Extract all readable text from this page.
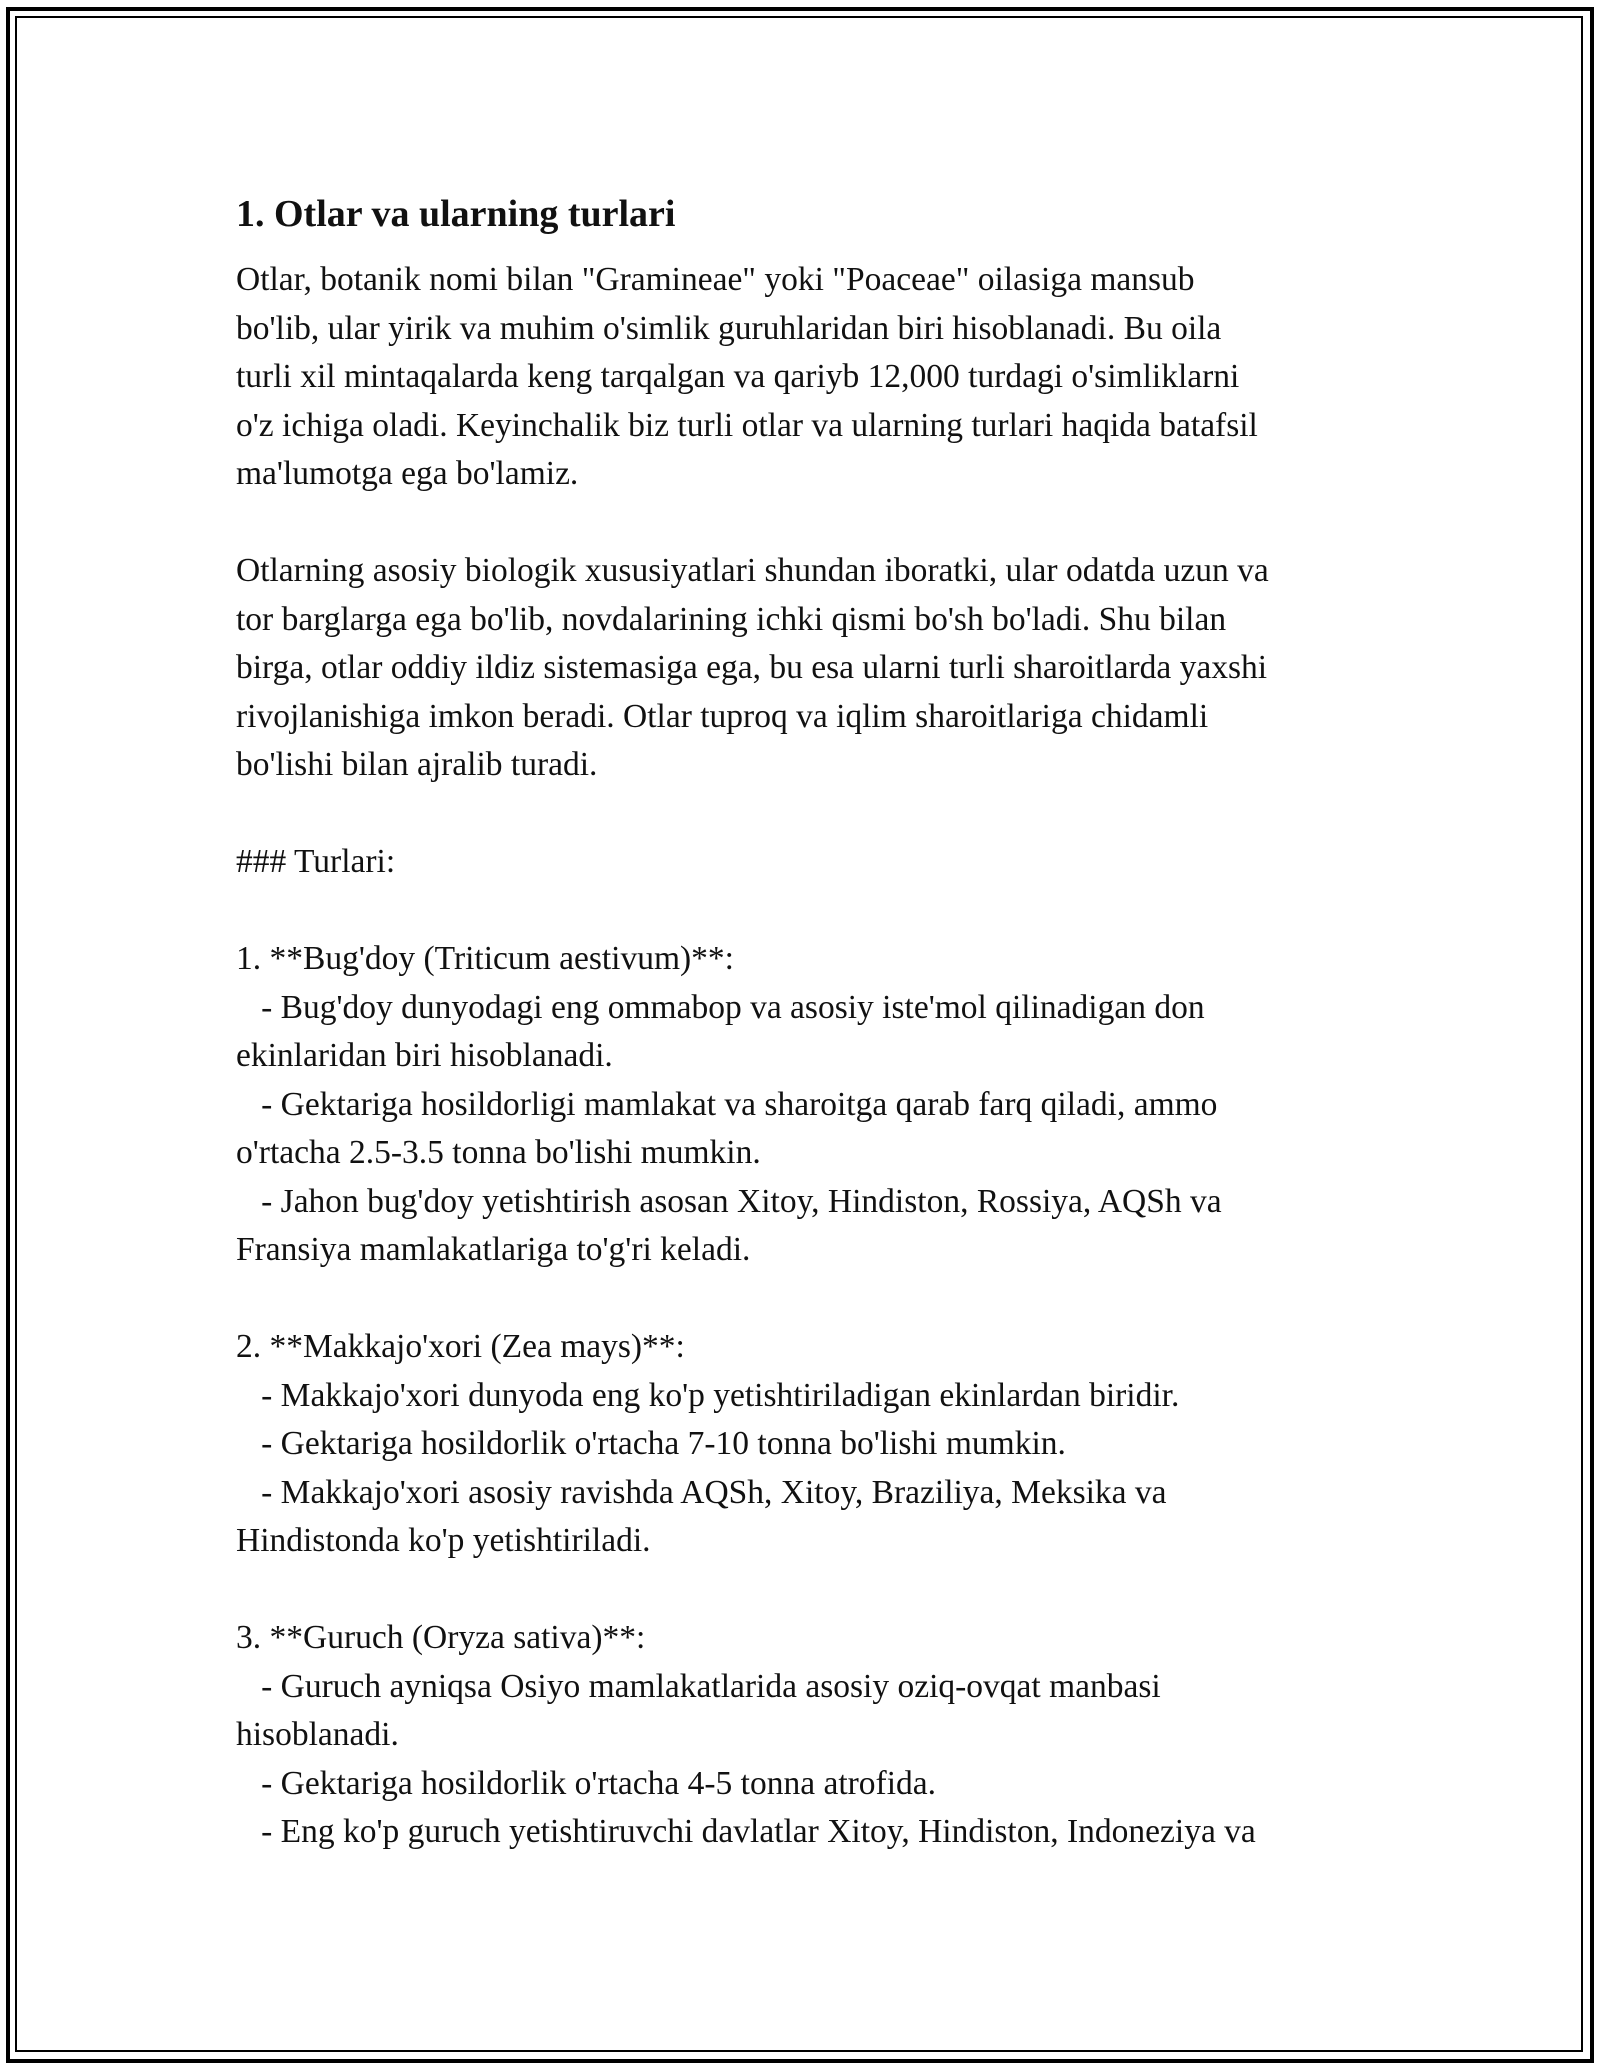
1. Otlar va ularning turlari

Otlar, botanik nomi bilan "Gramineae" yoki "Poaceae" oilasiga mansub

bo'lib, ular yirik va muhim o'simlik guruhlaridan biri hisoblanadi. Bu oila

turli xil mintaqalarda keng tarqalgan va qariyb 12,000 turdagi o'simliklarni

o'z ichiga oladi. Keyinchalik biz turli otlar va ularning turlari haqida batafsil

ma'lumotga ega bo'lamiz.

Otlarning asosiy biologik xususiyatlari shundan iboratki, ular odatda uzun va

tor barglarga ega bo'lib, novdalarining ichki qismi bo'sh bo'ladi. Shu bilan

birga, otlar oddiy ildiz sistemasiga ega, bu esa ularni turli sharoitlarda yaxshi

rivojlanishiga imkon beradi. Otlar tuproq va iqlim sharoitlariga chidamli

bo'lishi bilan ajralib turadi.

### Turlari:

1. **Bug'doy (Triticum aestivum)**:

- Bug'doy dunyodagi eng ommabop va asosiy iste'mol qilinadigan don

ekinlaridan biri hisoblanadi.

- Gektariga hosildorligi mamlakat va sharoitga qarab farq qiladi, ammo

o'rtacha 2.5-3.5 tonna bo'lishi mumkin.

- Jahon bug'doy yetishtirish asosan Xitoy, Hindiston, Rossiya, AQSh va

Fransiya mamlakatlariga to'g'ri keladi.

2. **Makkajo'xori (Zea mays)**:

- Makkajo'xori dunyoda eng ko'p yetishtiriladigan ekinlardan biridir.

- Gektariga hosildorlik o'rtacha 7-10 tonna bo'lishi mumkin.

- Makkajo'xori asosiy ravishda AQSh, Xitoy, Braziliya, Meksika va

Hindistonda ko'p yetishtiriladi.

3. **Guruch (Oryza sativa)**:

- Guruch ayniqsa Osiyo mamlakatlarida asosiy oziq-ovqat manbasi

hisoblanadi.

- Gektariga hosildorlik o'rtacha 4-5 tonna atrofida.

- Eng ko'p guruch yetishtiruvchi davlatlar Xitoy, Hindiston, Indoneziya va
